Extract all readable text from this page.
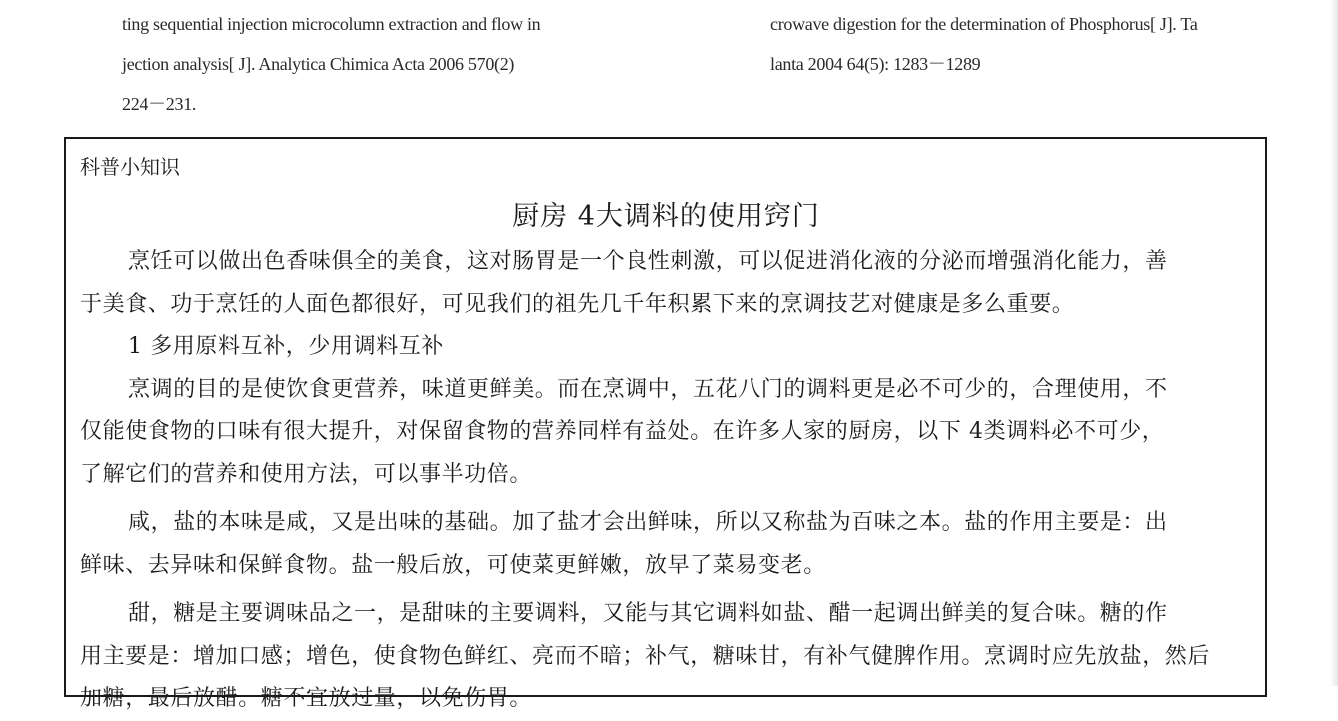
ting sequential injection microcolumn extraction and flow in
jection analysis[ J]. Analytica Chimica Acta 2006 570(2)
224－231.
crowave digestion for the determination of Phosphorus[ J]. Ta
lanta 2004 64(5): 1283－1289
科普小知识
厨房 4大调料的使用窍门
烹饪可以做出色香味俱全的美食，这对肠胃是一个良性刺激，可以促进消化液的分泌而增强消化能力，善
于美食、功于烹饪的人面色都很好，可见我们的祖先几千年积累下来的烹调技艺对健康是多么重要。
1 多用原料互补，少用调料互补
烹调的目的是使饮食更营养，味道更鲜美。而在烹调中，五花八门的调料更是必不可少的，合理使用，不
仅能使食物的口味有很大提升，对保留食物的营养同样有益处。在许多人家的厨房，以下 4类调料必不可少，
了解它们的营养和使用方法，可以事半功倍。
咸，盐的本味是咸，又是出味的基础。加了盐才会出鲜味，所以又称盐为百味之本。盐的作用主要是：出
鲜味、去异味和保鲜食物。盐一般后放，可使菜更鲜嫩，放早了菜易变老。
甜，糖是主要调味品之一，是甜味的主要调料，又能与其它调料如盐、醋一起调出鲜美的复合味。糖的作
用主要是：增加口感；增色，使食物色鲜红、亮而不暗；补气，糖味甘，有补气健脾作用。烹调时应先放盐，然后
加糖，最后放醋。糖不宜放过量，以免伤胃。
